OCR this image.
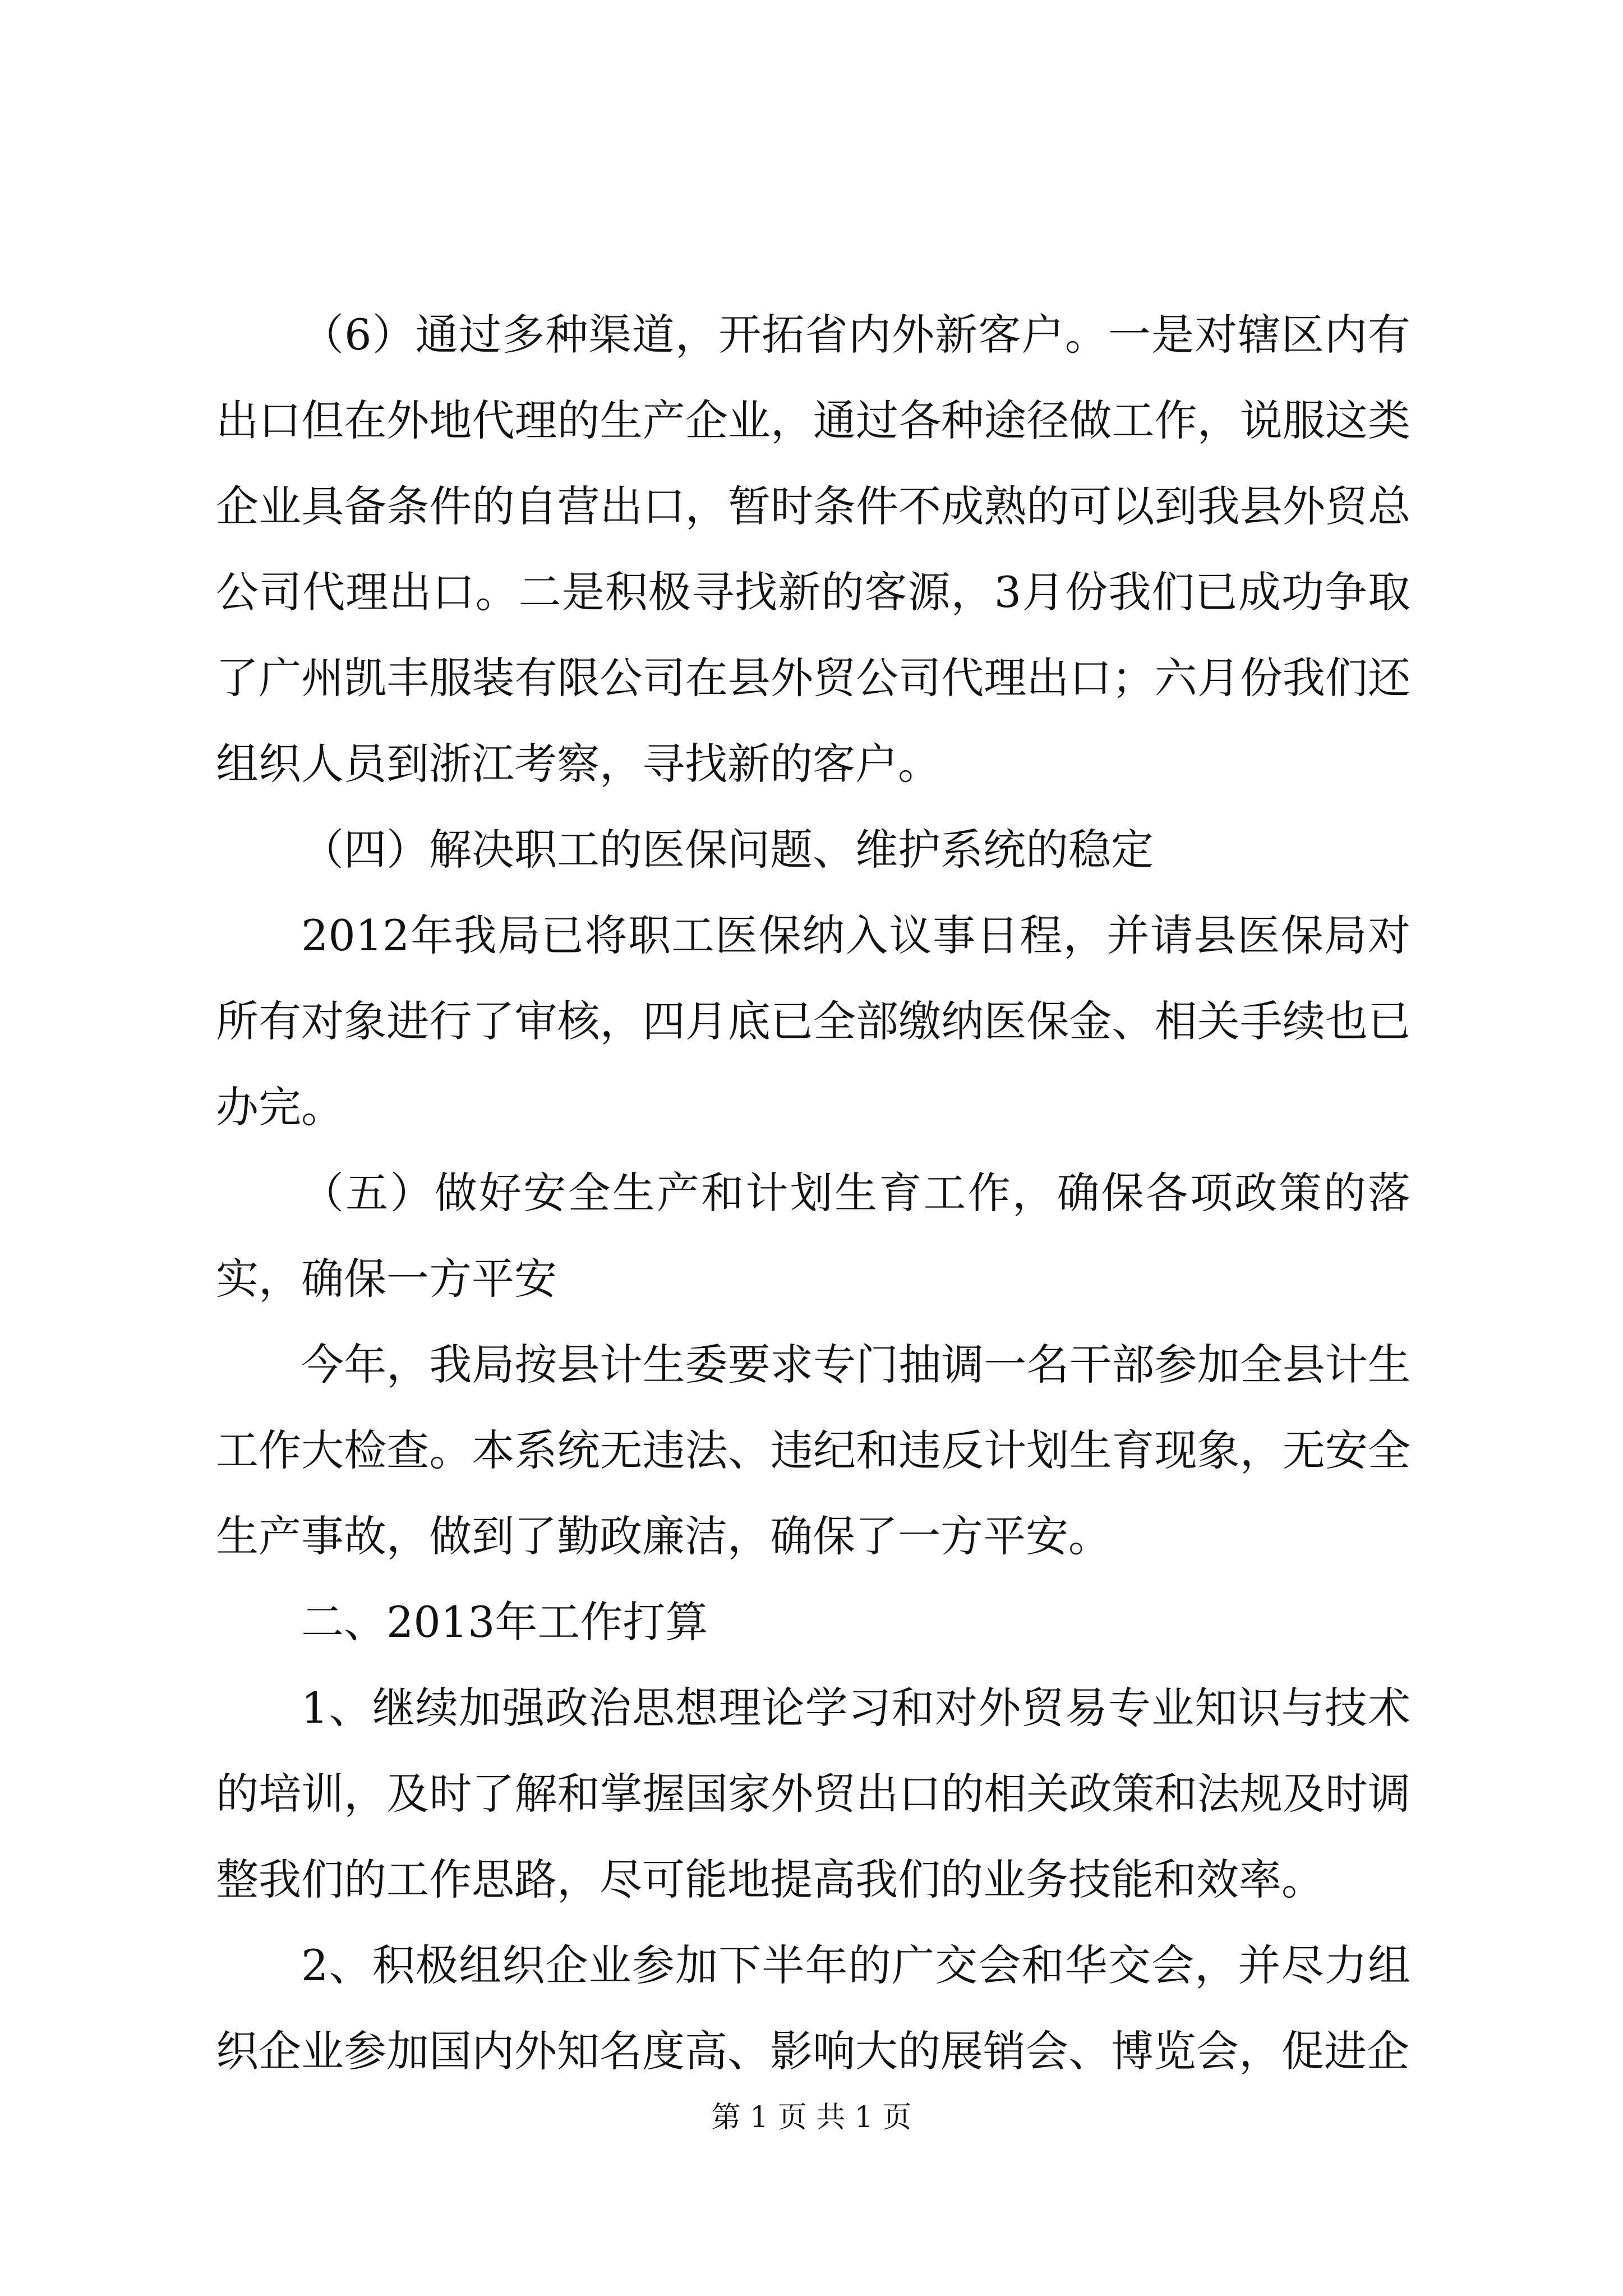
（6）通过多种渠道，开拓省内外新客户。一是对辖区内有出口但在外地代理的生产企业，通过各种途径做工作，说服这类企业具备条件的自营出口，暂时条件不成熟的可以到我县外贸总公司代理出口。二是积极寻找新的客源，3月份我们已成功争取了广州凯丰服装有限公司在县外贸公司代理出口；六月份我们还组织人员到浙江考察，寻找新的客户。

（四）解决职工的医保问题、维护系统的稳定

2012年我局已将职工医保纳入议事日程，并请县医保局对所有对象进行了审核，四月底已全部缴纳医保金、相关手续也已办完。

（五）做好安全生产和计划生育工作，确保各项政策的落实，确保一方平安

今年，我局按县计生委要求专门抽调一名干部参加全县计生工作大检查。本系统无违法、违纪和违反计划生育现象，无安全生产事故，做到了勤政廉洁，确保了一方平安。

二、2013年工作打算

1、继续加强政治思想理论学习和对外贸易专业知识与技术的培训，及时了解和掌握国家外贸出口的相关政策和法规及时调整我们的工作思路，尽可能地提高我们的业务技能和效率。

2、积极组织企业参加下半年的广交会和华交会，并尽力组织企业参加国内外知名度高、影响大的展销会、博览会，促进企

第 1 页 共 1 页
